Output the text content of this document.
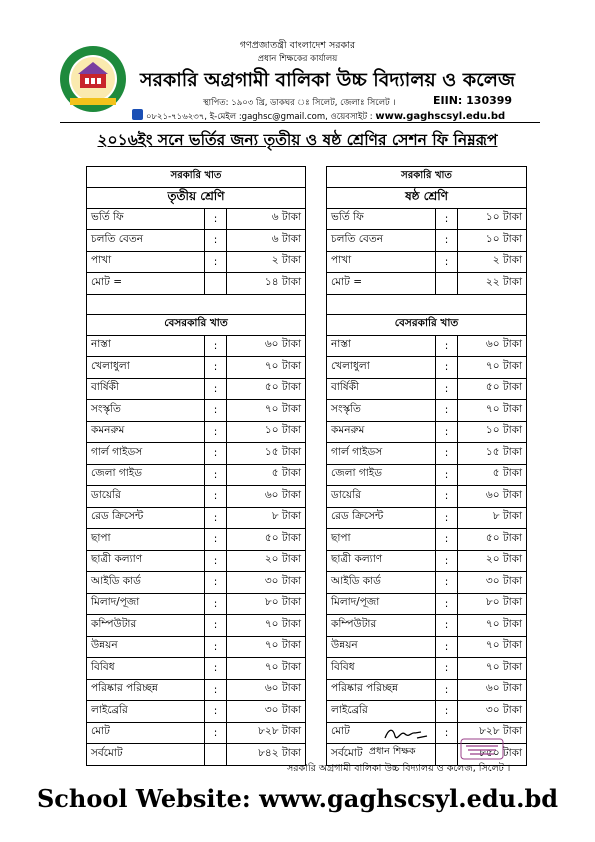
গণপ্রজাতন্ত্রী বাংলাদেশ সরকার
প্রধান শিক্ষকের কার্যালয়
সরকারি অগ্রগামী বালিকা উচ্চ বিদ্যালয় ও কলেজ
স্থাপিত: ১৯০৩ খ্রি, ডাকঘর ঃ সিলেট, জেলাঃ সিলেট ।	EIIN: 130399
০৮২১-৭১৬২৩৭, ই-মেইল :gaghsc@gmail.com, ওয়েবসাইট : www.gaghscsyl.edu.bd
২০১৬ইং সনে ভর্তির জন্য তৃতীয় ও ষষ্ঠ শ্রেণির সেশন ফি নিম্নরূপ
সরকারি খাত				সরকারি খাত		
তৃতীয় শ্রেণি				ষষ্ঠ শ্রেণি		
ভর্তি ফি	:	৬ টাকা		ভর্তি ফি	:	১০ টাকা
চলতি বেতন	:	৬ টাকা		চলতি বেতন	:	১০ টাকা
পাখা	:	২ টাকা		পাখা	:	২ টাকা
মোট =		১৪ টাকা		মোট =		২২ টাকা

বেসরকারি খাত				বেসরকারি খাত		
নাস্তা	:	৬০ টাকা		নাস্তা	:	৬০ টাকা
খেলাধুলা	:	৭০ টাকা		খেলাধুলা	:	৭০ টাকা
বার্ষিকী	:	৫০ টাকা		বার্ষিকী	:	৫০ টাকা
সংস্কৃতি	:	৭০ টাকা		সংস্কৃতি	:	৭০ টাকা
কমনরুম	:	১০ টাকা		কমনরুম	:	১০ টাকা
গার্ল গাইডস	:	১৫ টাকা		গার্ল গাইডস	:	১৫ টাকা
জেলা গাইড	:	৫ টাকা		জেলা গাইড	:	৫ টাকা
ডায়েরি	:	৬০ টাকা		ডায়েরি	:	৬০ টাকা
রেড ক্রিসেন্ট	:	৮ টাকা		রেড ক্রিসেন্ট	:	৮ টাকা
ছাপা	:	৫০ টাকা		ছাপা	:	৫০ টাকা
ছাত্রী কল্যাণ	:	২০ টাকা		ছাত্রী কল্যাণ	:	২০ টাকা
আইডি কার্ড	:	৩০ টাকা		আইডি কার্ড	:	৩০ টাকা
মিলাদ/পূজা	:	৮০ টাকা		মিলাদ/পূজা	:	৮০ টাকা
কম্পিউটার	:	৭০ টাকা		কম্পিউটার	:	৭০ টাকা
উন্নয়ন	:	৭০ টাকা		উন্নয়ন	:	৭০ টাকা
বিবিধ	:	৭০ টাকা		বিবিধ	:	৭০ টাকা
পরিষ্কার পরিচ্ছন্ন	:	৬০ টাকা		পরিষ্কার পরিচ্ছন্ন	:	৬০ টাকা
লাইব্রেরি	:	৩০ টাকা		লাইব্রেরি	:	৩০ টাকা
মোট	:	৮২৮ টাকা		মোট	:	৮২৮ টাকা
সর্বমোট		৮৪২ টাকা		সর্বমোট		৮৫০ টাকা
প্রধান শিক্ষক
সরকারি অগ্রগামী বালিকা উচ্চ বিদ্যালয় ও কলেজ, সিলেট ।
School Website: www.gaghscsyl.edu.bd
